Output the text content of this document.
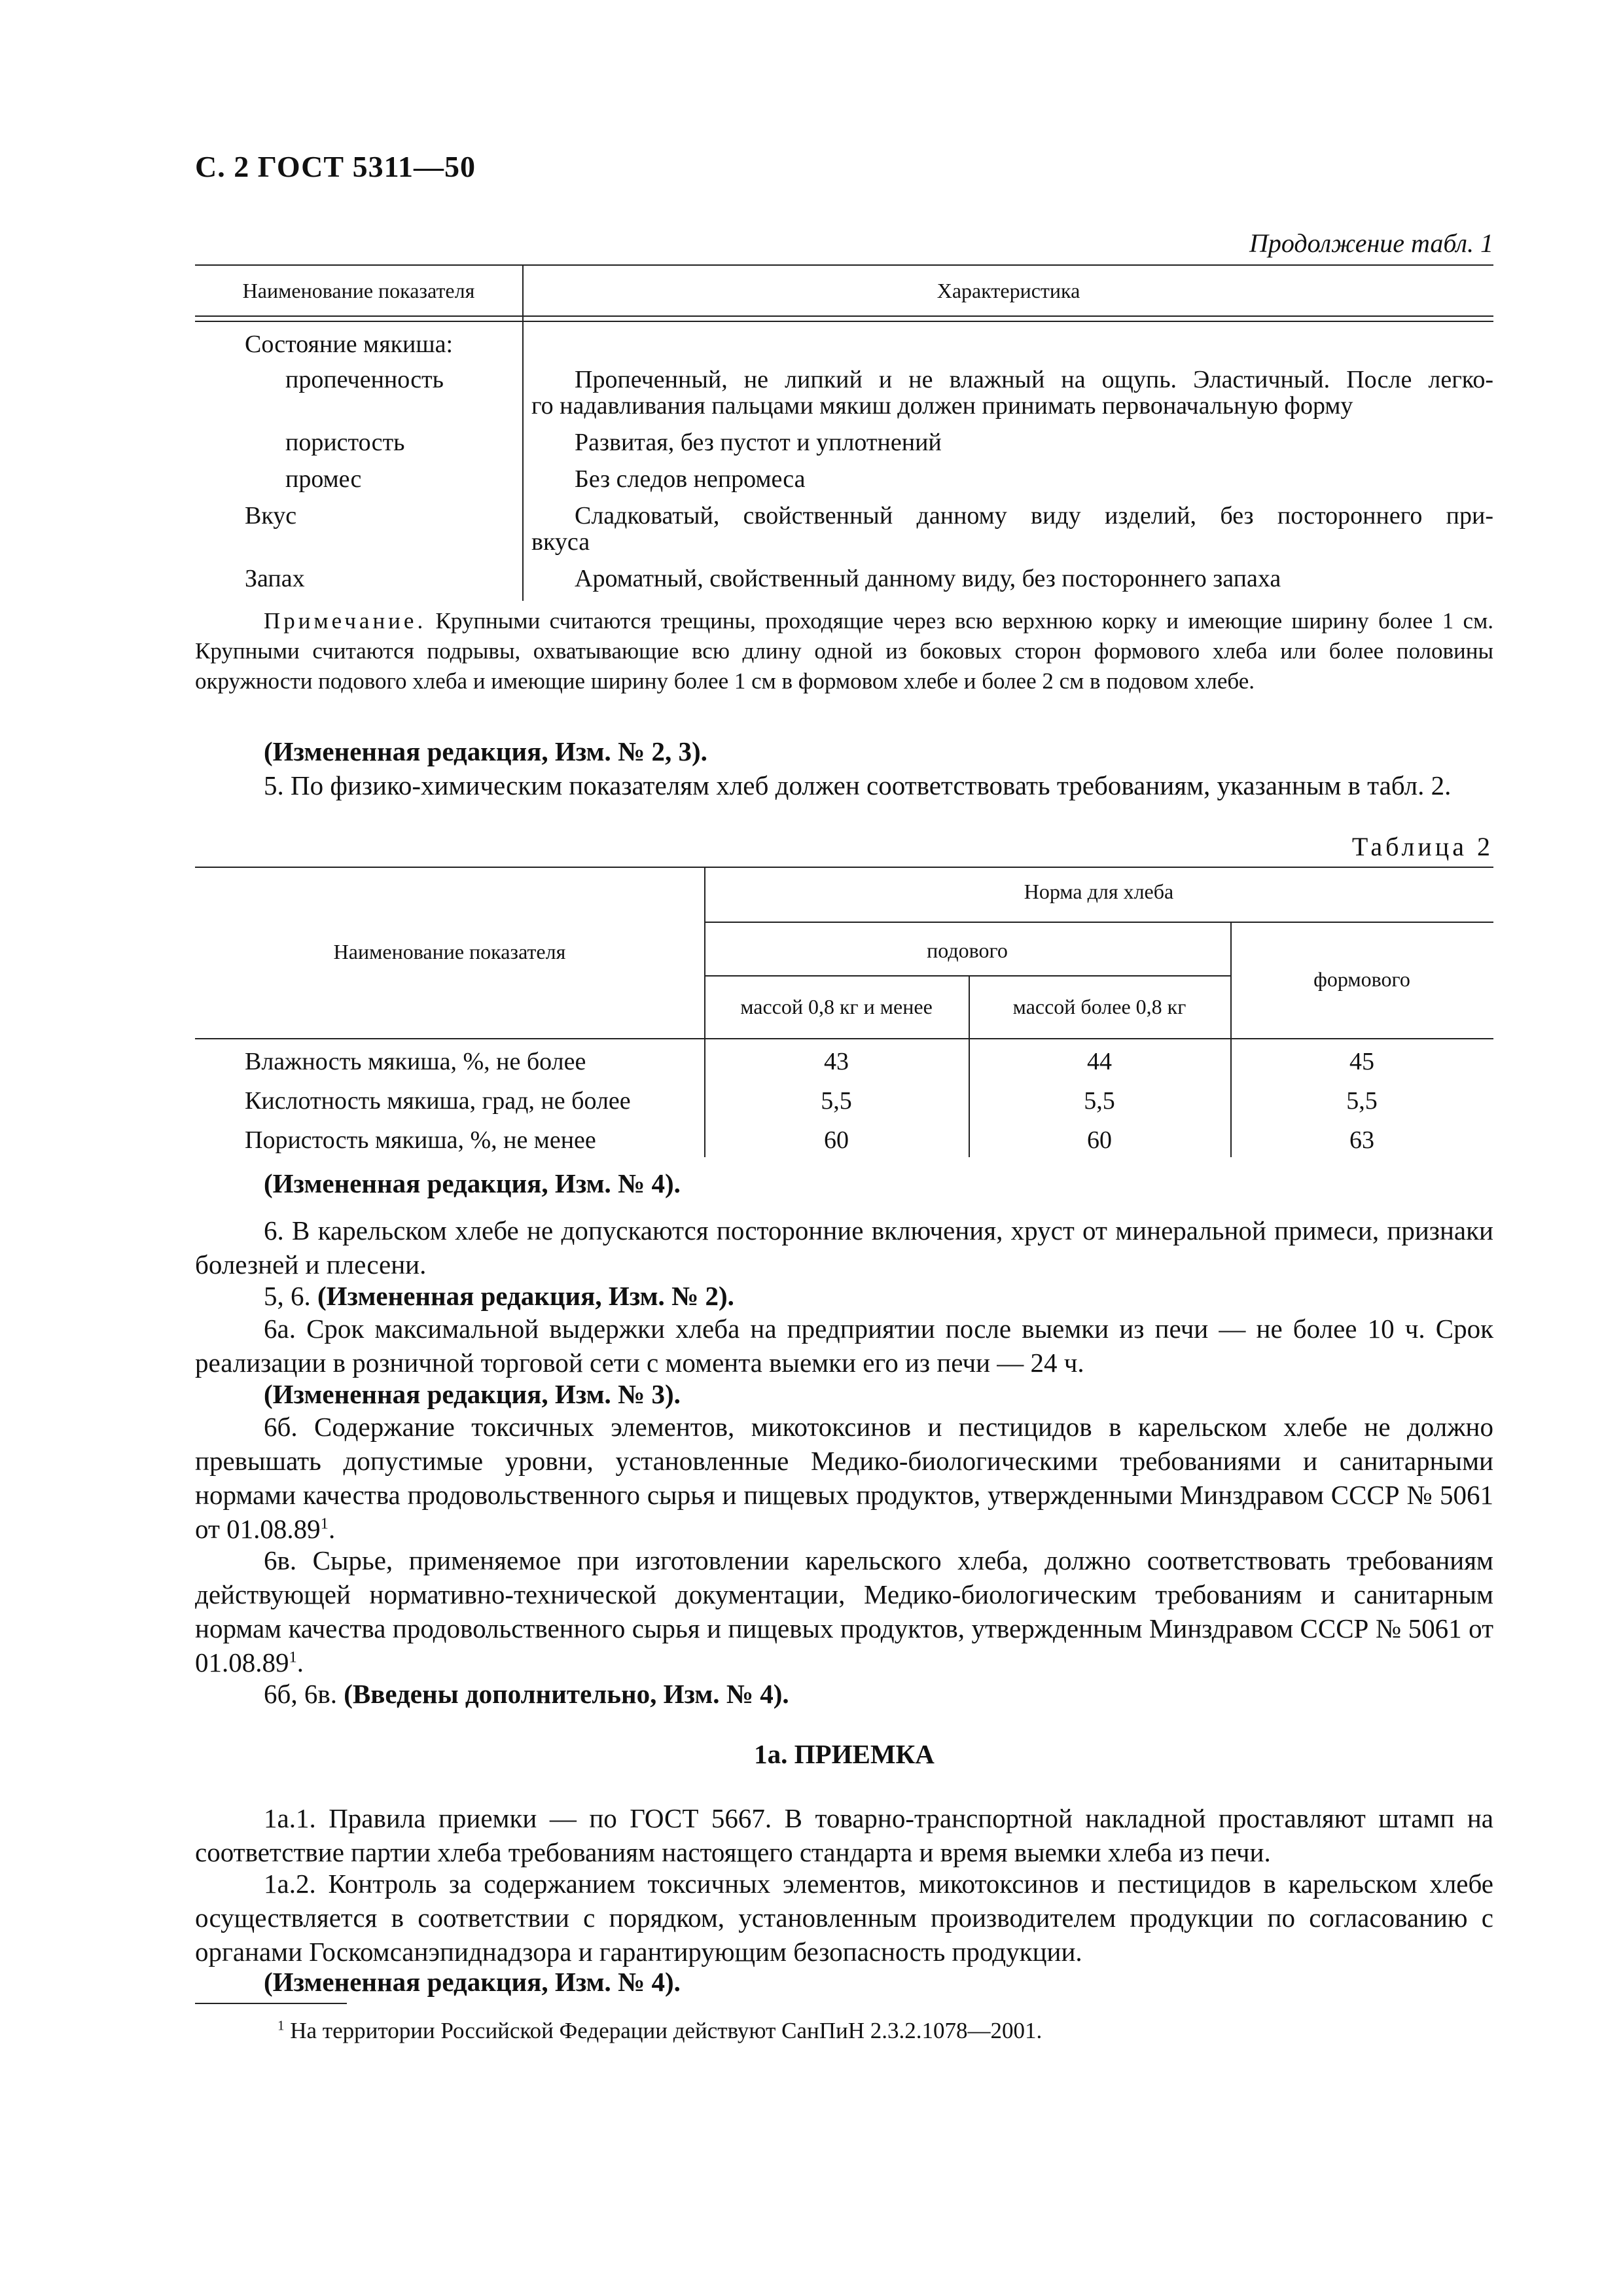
С. 2 ГОСТ 5311—50
Продолжение табл. 1
Наименование показателя	Характеристика
Состояние мякиша:
пропеченность	Пропеченный, не липкий и не влажный на ощупь. Эластичный. После легко-
го надавливания пальцами мякиш должен принимать первоначальную форму
пористость	Развитая, без пустот и уплотнений
промес	Без следов непромеса
Вкус	Сладковатый, свойственный данному виду изделий, без постороннего при-
вкуса
Запах	Ароматный, свойственный данному виду, без постороннего запаха
Примечание. Крупными считаются трещины, проходящие через всю верхнюю корку и имеющие ширину более 1 см. Крупными считаются подрывы, охватывающие всю длину одной из боковых сторон формового хлеба или более половины окружности подового хлеба и имеющие ширину более 1 см в формовом хлебе и более 2 см в подовом хлебе.
(Измененная редакция, Изм. № 2, 3).
5. По физико-химическим показателям хлеб должен соответствовать требованиям, указанным в табл. 2.
Таблица 2
Наименование показателя
Норма для хлеба
подового
формового
массой 0,8 кг и менее	массой более 0,8 кг
Влажность мякиша, %, не более	43	44	45
Кислотность мякиша, град, не более	5,5	5,5	5,5
Пористость мякиша, %, не менее	60	60	63
(Измененная редакция, Изм. № 4).
6. В карельском хлебе не допускаются посторонние включения, хруст от минеральной примеси, признаки болезней и плесени.
5, 6. (Измененная редакция, Изм. № 2).
6а. Срок максимальной выдержки хлеба на предприятии после выемки из печи — не более 10 ч. Срок реализации в розничной торговой сети с момента выемки его из печи — 24 ч.
(Измененная редакция, Изм. № 3).
6б. Содержание токсичных элементов, микотоксинов и пестицидов в карельском хлебе не должно превышать допустимые уровни, установленные Медико-биологическими требованиями и санитарными нормами качества продовольственного сырья и пищевых продуктов, утвержденными Минздравом СССР № 5061 от 01.08.89$^1$.
6в. Сырье, применяемое при изготовлении карельского хлеба, должно соответствовать требованиям действующей нормативно-технической документации, Медико-биологическим требованиям и санитарным нормам качества продовольственного сырья и пищевых продуктов, утвержденным Минздравом СССР № 5061 от 01.08.89$^1$.
6б, 6в. (Введены дополнительно, Изм. № 4).
1а. ПРИЕМКА
1а.1. Правила приемки — по ГОСТ 5667. В товарно-транспортной накладной проставляют штамп на соответствие партии хлеба требованиям настоящего стандарта и время выемки хлеба из печи.
1а.2. Контроль за содержанием токсичных элементов, микотоксинов и пестицидов в карельском хлебе осуществляется в соответствии с порядком, установленным производителем продукции по согласованию с органами Госкомсанэпиднадзора и гарантирующим безопасность продукции.
(Измененная редакция, Изм. № 4).
$^1$ На территории Российской Федерации действуют СанПиН 2.3.2.1078—2001.
